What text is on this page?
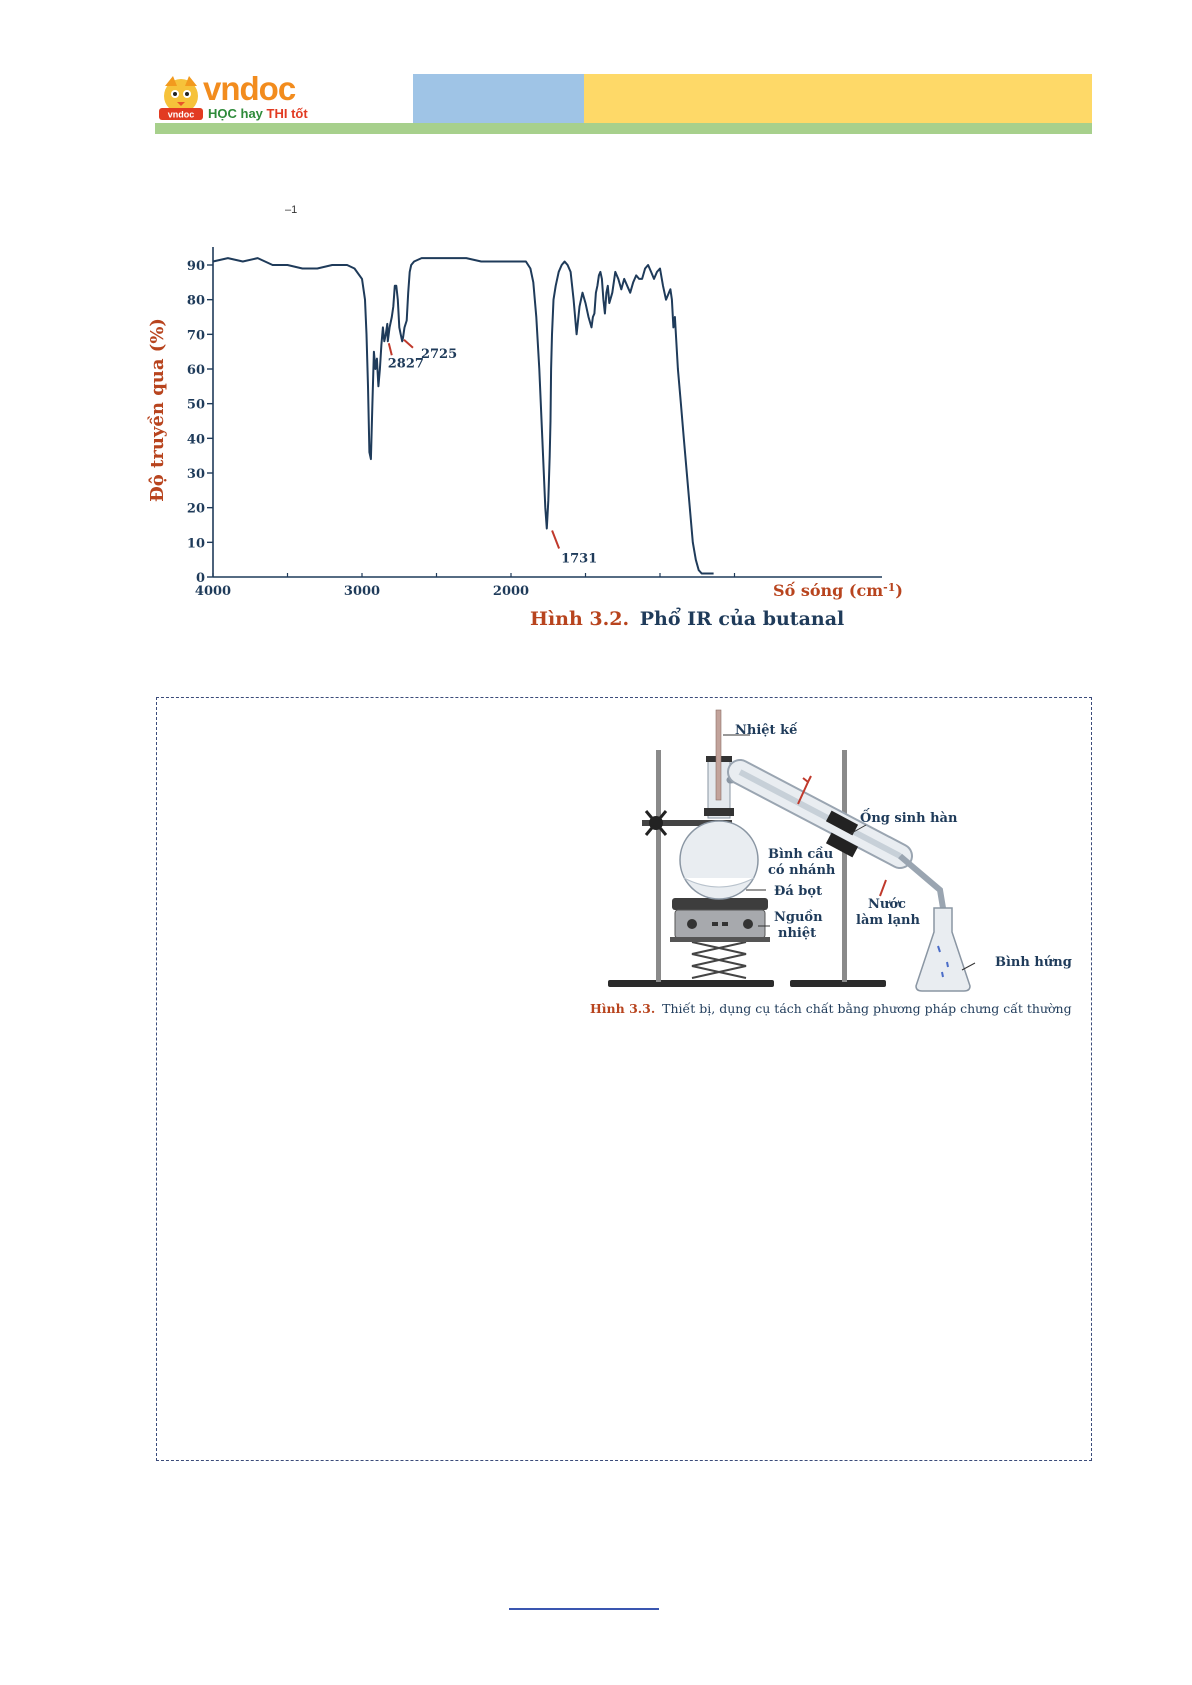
vndoc
vndoc
HỌC hay THI tốt
–1
0
10
20
30
40
50
60
70
80
90
4000	3000	2000
2827
2725
1731
Độ truyền qua (%)
Số sóng $(cm^{-1})$
Hình 3.2. Phổ IR của butanal
Nhiệt kế
Ống sinh hàn
Bình cầu
có nhánh
Đá bọt
Nguồn
nhiệt
Nước
làm lạnh
Bình hứng
Hình 3.3. Thiết bị, dụng cụ tách chất bằng phương pháp chưng cất thường
